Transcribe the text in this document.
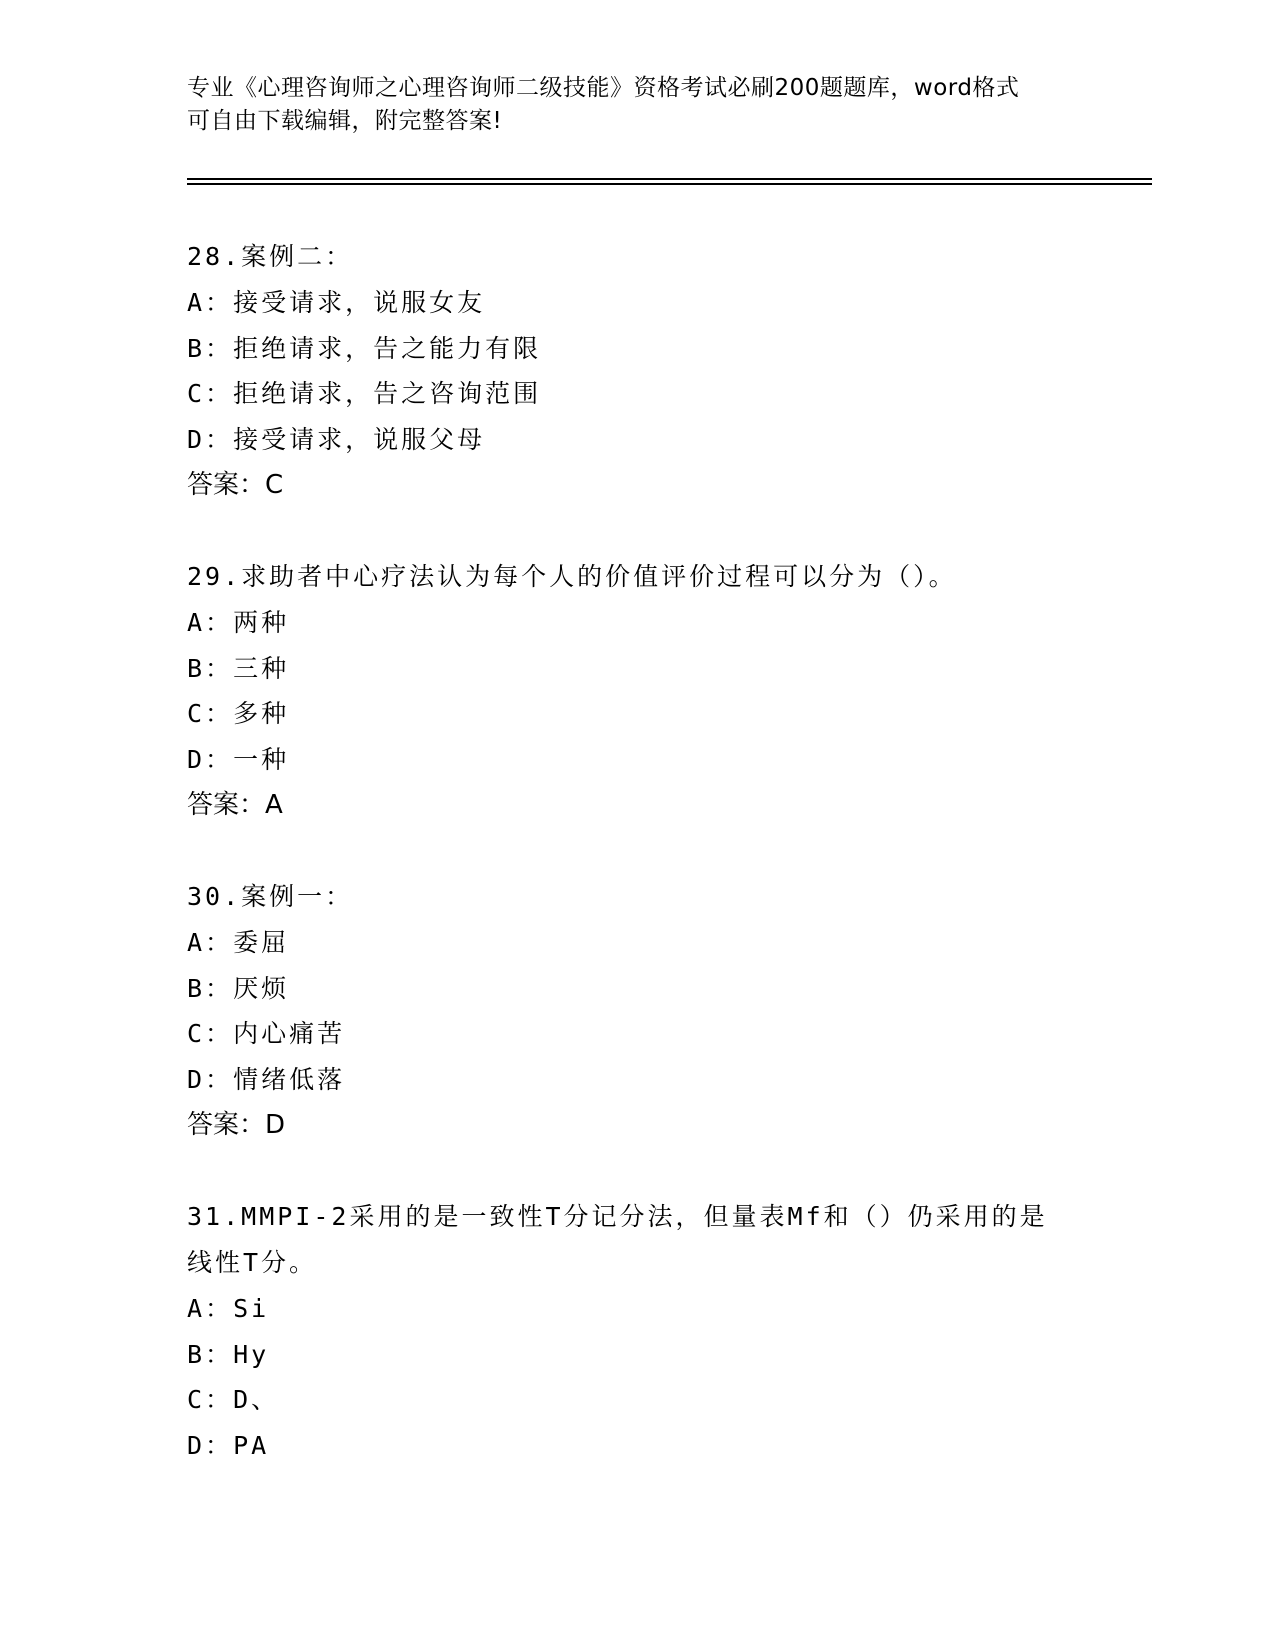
专业《心理咨询师之心理咨询师二级技能》资格考试必刷200题题库，word格式
可自由下载编辑，附完整答案!
28.案例二：
A：接受请求，说服女友
B：拒绝请求，告之能力有限
C：拒绝请求，告之咨询范围
D：接受请求，说服父母
答案：C
29.求助者中心疗法认为每个人的价值评价过程可以分为（）。
A：两种
B：三种
C：多种
D：一种
答案：A
30.案例一：
A：委屈
B：厌烦
C：内心痛苦
D：情绪低落
答案：D
31.MMPI-2采用的是一致性T分记分法，但量表Mf和（）仍采用的是线性T分。
A：Si
B：Hy
C：D、
D：PA
